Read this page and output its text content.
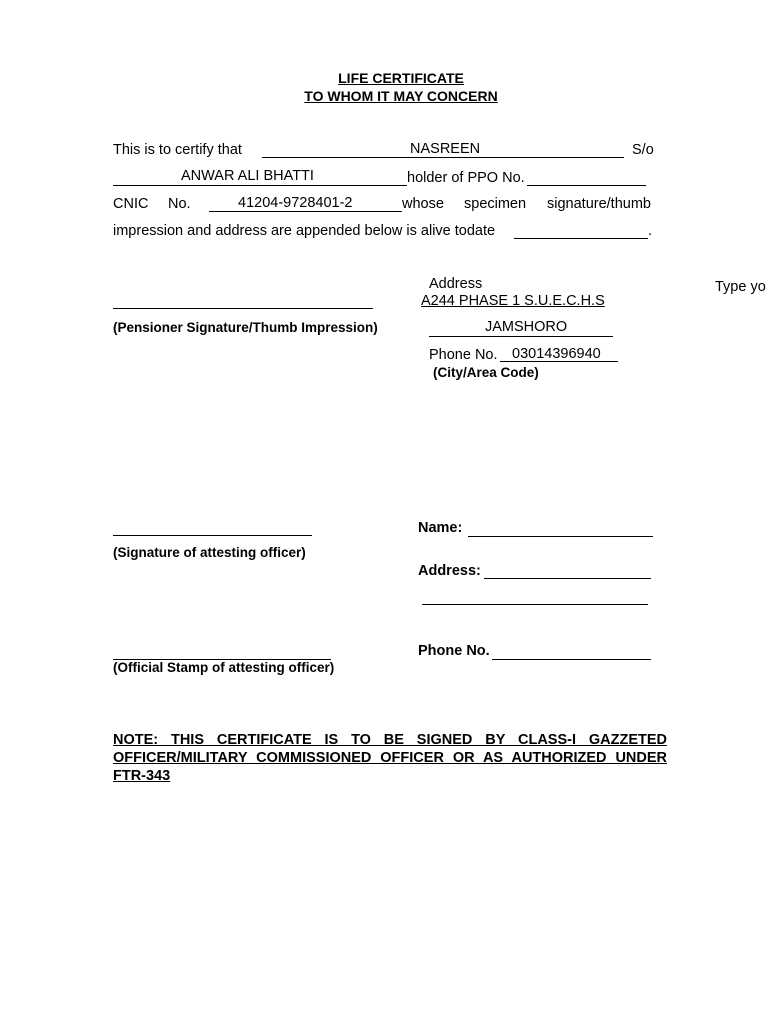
LIFE CERTIFICATE
TO WHOM IT MAY CONCERN
This is to certify that	NASREEN	S/o
ANWAR ALI BHATTI	holder of PPO No.
CNIC No.	41204-9728401-2	whose specimen signature/thumb
impression and address are appended below is alive todate	.
(Pensioner Signature/Thumb Impression)
Address
A244 PHASE 1 S.U.E.C.H.S
JAMSHORO
Phone No. 03014396940
(City/Area Code)
Type yo
(Signature of attesting officer)
Name:
Address:
(Official Stamp of attesting officer)
Phone No.
NOTE: THIS CERTIFICATE IS TO BE SIGNED BY CLASS-I GAZZETED OFFICER/MILITARY COMMISSIONED OFFICER OR AS AUTHORIZED UNDER FTR-343
